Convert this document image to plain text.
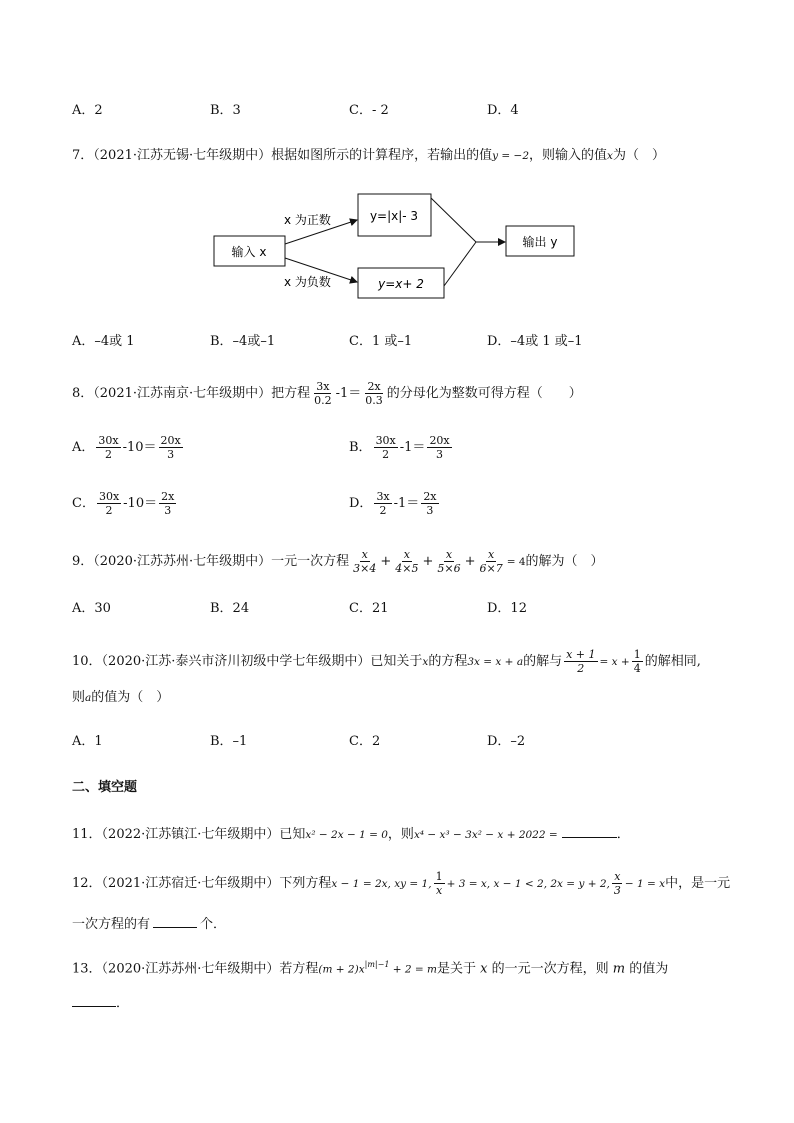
A．2	B．3	C．- 2	D．4
7．（2021·江苏无锡·七年级期中）根据如图所示的计算程序，若输出的值y = −2，则输入的值x为（　）
输入 x
x 为正数
x 为负数
y=|x|- 3
y=x+ 2
输出 y
A．–4或 1	B．–4或–1	C．1 或–1	D．–4或 1 或–1
8．（2021·江苏南京·七年级期中）把方程 $\frac{3x}{0.2} -1= \frac{2x}{0.3}$ 的分母化为整数可得方程（　　）
A． $\frac{30x}{2} -10= \frac{20x}{3}$	B． $\frac{30x}{2} -1= \frac{20x}{3}$
C． $\frac{30x}{2} -10= \frac{2x}{3}$	D． $\frac{3x}{2} -1= \frac{2x}{3}$
9．（2020·江苏苏州·七年级期中）一元一次方程 $\frac{x}{3\times 4} + \frac{x}{4\times 5} + \frac{x}{5\times 6} + \frac{x}{6\times 7} = 4$的解为（　）
A．30	B．24	C．21	D．12
10．（2020·江苏·泰兴市济川初级中学七年级期中）已知关于x的方程3x = x + a的解与 $\frac{x + 1}{2} = x + \frac{1}{4}$ 的解相同,
则a的值为（　）
A．1	B．–1	C．2	D．–2
二、填空题
11．（2022·江苏镇江·七年级期中）已知x² − 2x − 1 = 0，则x⁴ − x³ − 3x² − x + 2022 =	．
12．（2021·江苏宿迁·七年级期中）下列方程x − 1 = 2x, xy = 1, $\frac{1}{x} + 3 = x$, x − 1 < 2, 2x = y + 2, $\frac{x}{3} - 1 = x$中，是一元
一次方程的有	个．
13．（2020·江苏苏州·七年级期中）若方程$(m + 2)x^{|m|-1} + 2 = m$是关于 x 的一元一次方程，则 m 的值为
．
